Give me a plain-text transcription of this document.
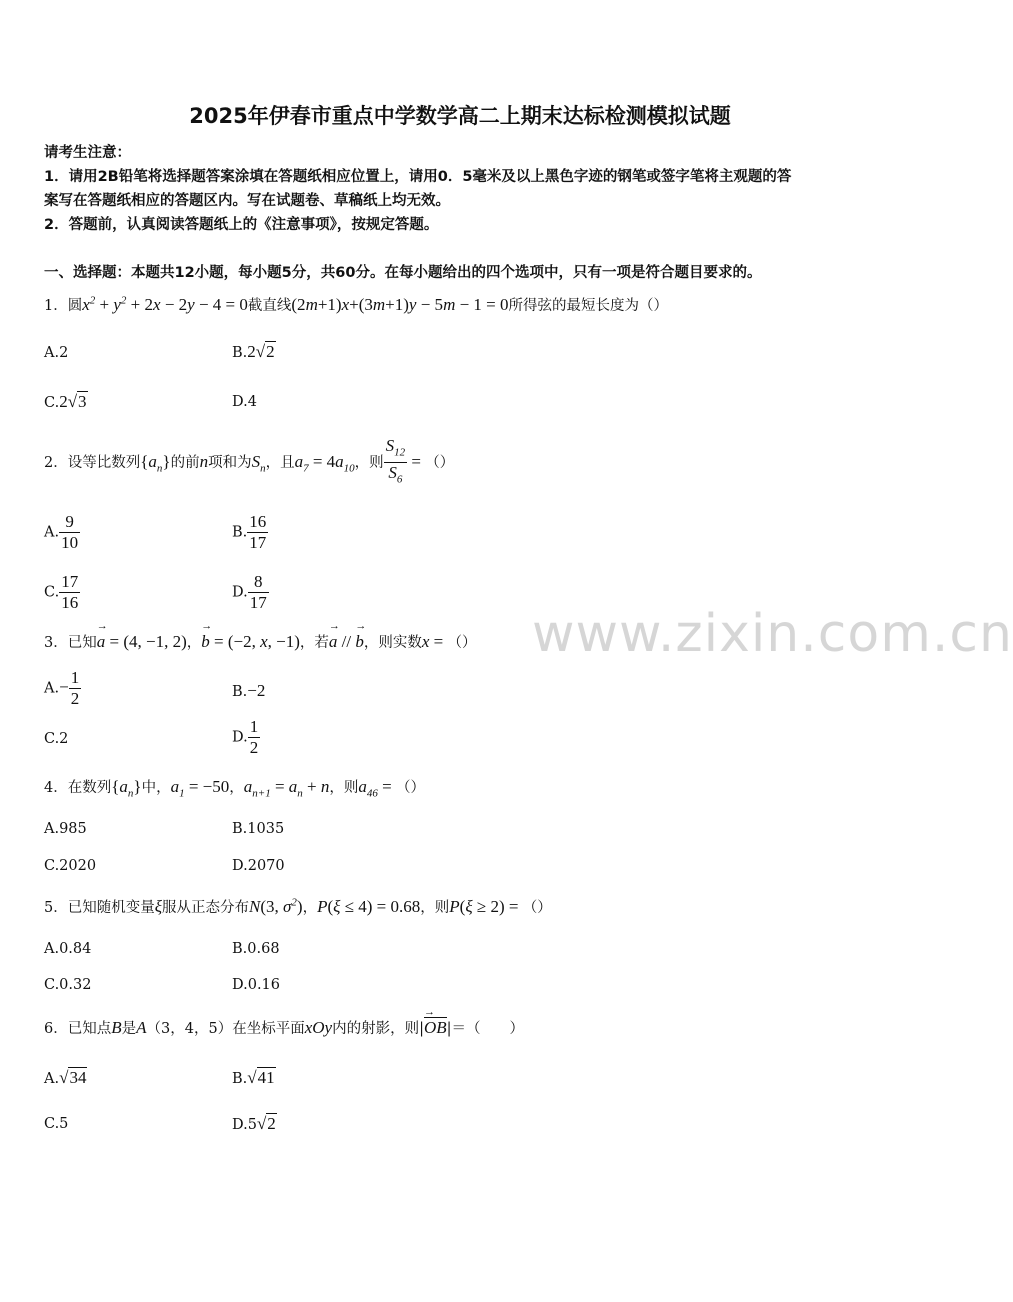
2025年伊春市重点中学数学高二上期末达标检测模拟试题
请考生注意：
1．请用2B铅笔将选择题答案涂填在答题纸相应位置上，请用0．5毫米及以上黑色字迹的钢笔或签字笔将主观题的答
案写在答题纸相应的答题区内。写在试题卷、草稿纸上均无效。
2．答题前，认真阅读答题纸上的《注意事项》，按规定答题。
一、选择题：本题共12小题，每小题5分，共60分。在每小题给出的四个选项中，只有一项是符合题目要求的。
www.zixin.com.cn
1．圆$x^2 + y^2 + 2x - 2y - 4 = 0$截直线(2m+1)x+(3m+1)y − 5m − 1 = 0所得弦的最短长度为（）
A.2	B.2√2
C.2√3	D.4
2．设等比数列$\{a_n\}$的前n项和为$S_n$，且$a_7 = 4a_{10}$，则 $\frac{S_{12}}{S_6}$ = （）
A. $\frac{9}{10}$	B. $\frac{16}{17}$
C. $\frac{17}{16}$	D. $\frac{8}{17}$
3．已知→ a = (4, −1, 2)，→ b = (−2, x, −1)，若→ a // → b，则实数x = （）
$A.- \frac{1}{2}$	B.−2
C.2	D. $\frac{1}{2}$
4．在数列$\{a_n\}$中，$a_1 = -50$，$a_{n+1} = a_n + n$，则$a_{46}$ = （）
A.985	B.1035
C.2020	D.2070
5．已知随机变量ξ服从正态分布N(3, $\sigma^2$)，P(ξ ≤ 4) = 0.68，则P(ξ ≥ 2) = （）
A.0.84	B.0.68
C.0.32	D.0.16
6．已知点B是A（3，4，5）在坐标平面xOy内的射影，则|→ OB|＝（　　）
A.√34	B.√41
C.5	D.5√2
